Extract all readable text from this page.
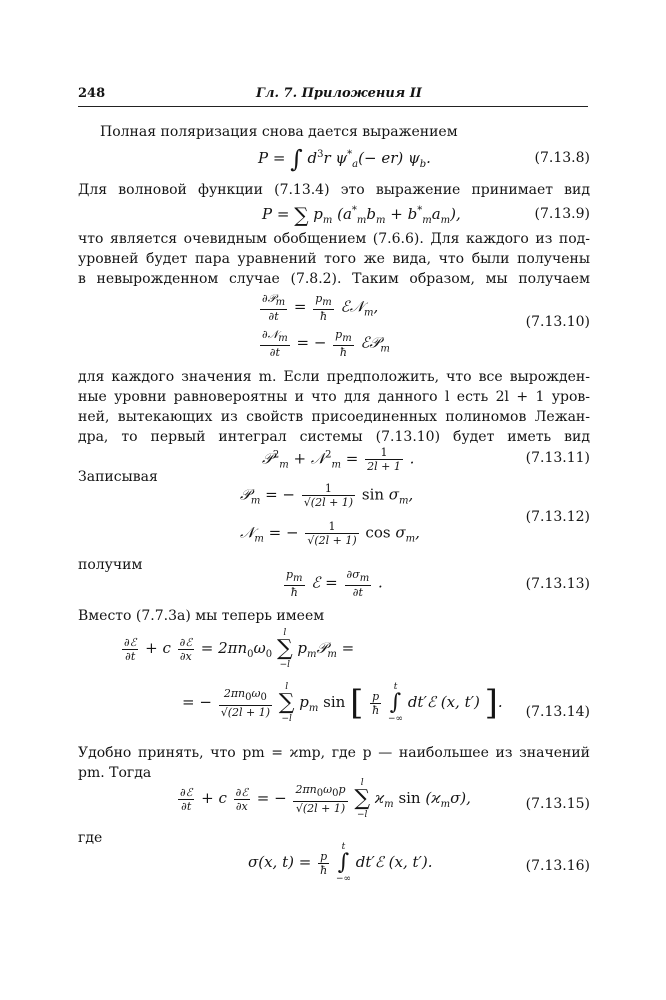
248	Гл. 7. Приложения II
Полная поляризация снова дается выражением
P = ∫ $d^3r$ $\psi^*_a(- er)$ $\psi_b$.	(7.13.8)
Для волновой функции (7.13.4) это выражение принимает вид
P = ∑ $p_m$ $(a^*_mb_m + b^*_ma_m)$,	(7.13.9)
что является очевидным обобщением (7.6.6). Для каждого из под-
уровней будет пара уравнений того же вида, что были получены
в невырожденном случае (7.8.2). Таким образом, мы получаем
$\frac{\partial 𝒫_m}{\partial t} = \frac{p_m}{ħ}$ ℰ𝒩$_m$,
$\frac{\partial 𝒩_m}{\partial t}$ = − $\frac{p_m}{ħ}$ ℰ𝒫$_m$
(7.13.10)
для каждого значения m. Если предположить, что все вырожден-
ные уровни равновероятны и что для данного l есть 2l + 1 уров-
ней, вытекающих из свойств присоединенных полиномов Лежан-
дра, то первый интеграл системы (7.13.10) будет иметь вид
𝒫$^2_m$ + 𝒩$^2_m$ = $\frac{1}{2l + 1}$ .	(7.13.11)
Записывая
𝒫$_m$ = − $\frac{1}{√(2l + 1)}$ $\sin \sigma_m$,
𝒩$_m$ = − $\frac{1}{√(2l + 1)}$ $\cos \sigma_m$,
(7.13.12)
получим
$\frac{p_m}{ħ}$ ℰ = $\frac{\partial\sigma_m}{\partial t}$ .	(7.13.13)
Вместо (7.7.3а) мы теперь имеем
$\frac{\text{∂ℰ}}{\partial t} + c \frac{\text{∂ℰ}}{\partial x} = 2\pi n_0\omega_0$
l
∑
−l
$p_m𝒫_m$ =
= − $\frac{2\pi n_0\omega_0}{√(2l + 1)}$

l
∑
−l
$p_m$ sin [ $\frac{p}{ħ}$

t
∫
−∞
dt′ℰ (x, t′) ].
(7.13.14)
Удобно принять, что pm = ϰmp, где p — наибольшее из значений
pm. Тогда
$\frac{\text{∂ℰ}}{\partial t} + c \frac{\text{∂ℰ}}{\partial x}$ = − $\frac{2\pi n_0\omega_0p}{√(2l + 1)}$

l
∑
−l
$ϰ_m$ $\sin (ϰ_m\sigma)$,	(7.13.15)
где
σ(x, $t) = \frac{p}{ħ}$

t
∫
−∞
dt′ℰ (x, t′).	(7.13.16)
